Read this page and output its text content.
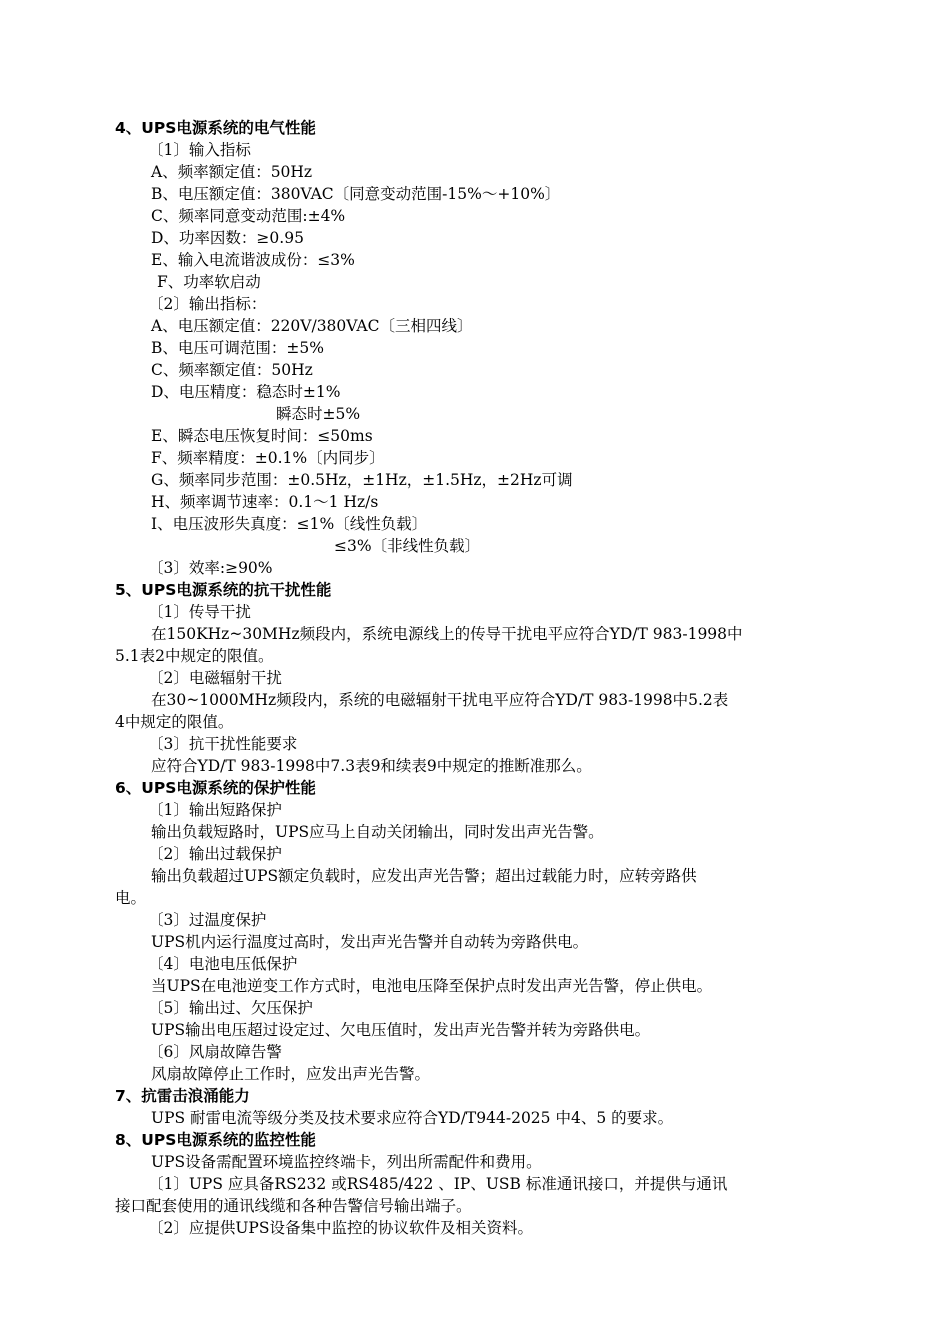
4、UPS电源系统的电气性能
〔1〕输入指标
A、频率额定值：50Hz
B、电压额定值：380VAC〔同意变动范围-15%～+10%〕
C、频率同意变动范围:±4%
D、功率因数：≥0.95
E、输入电流谐波成份：≤3%
F、功率软启动
〔2〕输出指标：
A、电压额定值：220V/380VAC〔三相四线〕
B、电压可调范围：±5%
C、频率额定值：50Hz
D、电压精度：稳态时±1%
瞬态时±5%
E、瞬态电压恢复时间：≤50ms
F、频率精度：±0.1%〔内同步〕
G、频率同步范围：±0.5Hz，±1Hz，±1.5Hz，±2Hz可调
H、频率调节速率：0.1～1 Hz/s
I、电压波形失真度：≤1%〔线性负载〕
≤3%〔非线性负载〕
〔3〕效率:≥90%
5、UPS电源系统的抗干扰性能
〔1〕传导干扰
在150KHz~30MHz频段内，系统电源线上的传导干扰电平应符合YD/T 983-1998中
5.1表2中规定的限值。
〔2〕电磁辐射干扰
在30~1000MHz频段内，系统的电磁辐射干扰电平应符合YD/T 983-1998中5.2表
4中规定的限值。
〔3〕抗干扰性能要求
应符合YD/T 983-1998中7.3表9和续表9中规定的推断准那么。
6、UPS电源系统的保护性能
〔1〕输出短路保护
输出负载短路时，UPS应马上自动关闭输出，同时发出声光告警。
〔2〕输出过载保护
输出负载超过UPS额定负载时，应发出声光告警；超出过载能力时，应转旁路供
电。
〔3〕过温度保护
UPS机内运行温度过高时，发出声光告警并自动转为旁路供电。
〔4〕电池电压低保护
当UPS在电池逆变工作方式时，电池电压降至保护点时发出声光告警，停止供电。
〔5〕输出过、欠压保护
UPS输出电压超过设定过、欠电压值时，发出声光告警并转为旁路供电。
〔6〕风扇故障告警
风扇故障停止工作时，应发出声光告警。
7、抗雷击浪涌能力
UPS 耐雷电流等级分类及技术要求应符合YD/T944-2025 中4、5 的要求。
8、UPS电源系统的监控性能
UPS设备需配置环境监控终端卡，列出所需配件和费用。
〔1〕UPS 应具备RS232 或RS485/422 、IP、USB 标准通讯接口，并提供与通讯
接口配套使用的通讯线缆和各种告警信号输出端子。
〔2〕应提供UPS设备集中监控的协议软件及相关资料。
